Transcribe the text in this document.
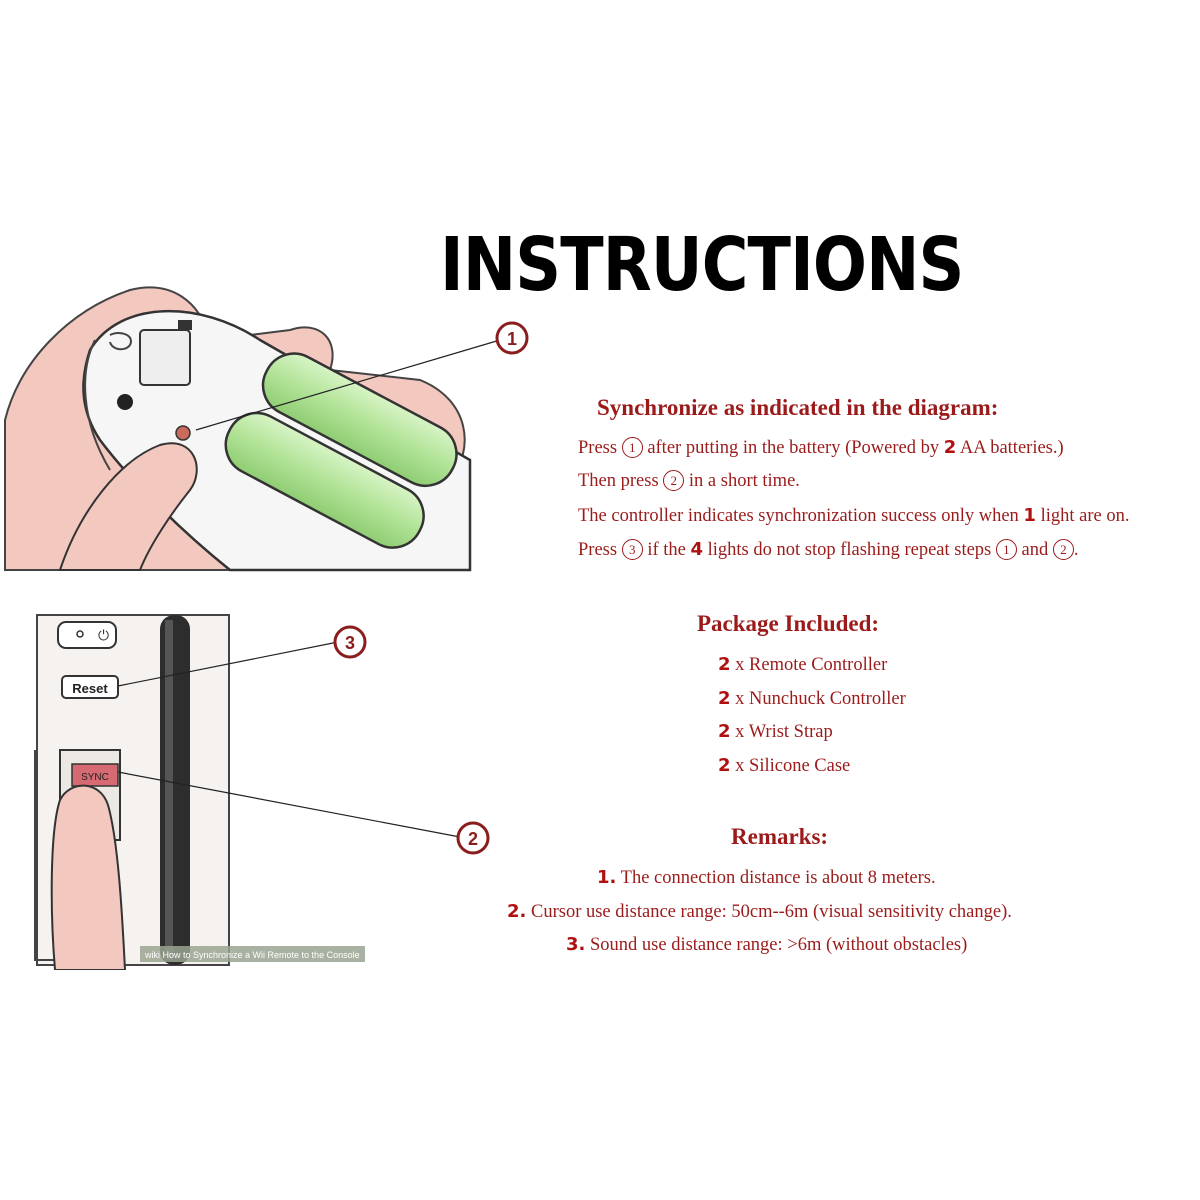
INSTRUCTIONS
1
⏻
Reset
SYNC
3
2
wiki How to Synchronize a Wii Remote to the Console
Synchronize as indicated in the diagram:
Press 1 after putting in the battery (Powered by 2 AA batteries.)
Then press 2 in a short time.
The controller indicates synchronization success only when 1 light are on.
Press 3 if the 4 lights do not stop flashing repeat steps 1 and 2 .
Package Included:
2 x Remote Controller
2 x Nunchuck Controller
2 x Wrist Strap
2 x Silicone Case
Remarks:
1. The connection distance is about 8 meters.
2. Cursor use distance range: 50cm--6m (visual sensitivity change).
3. Sound use distance range: >6m (without obstacles)
